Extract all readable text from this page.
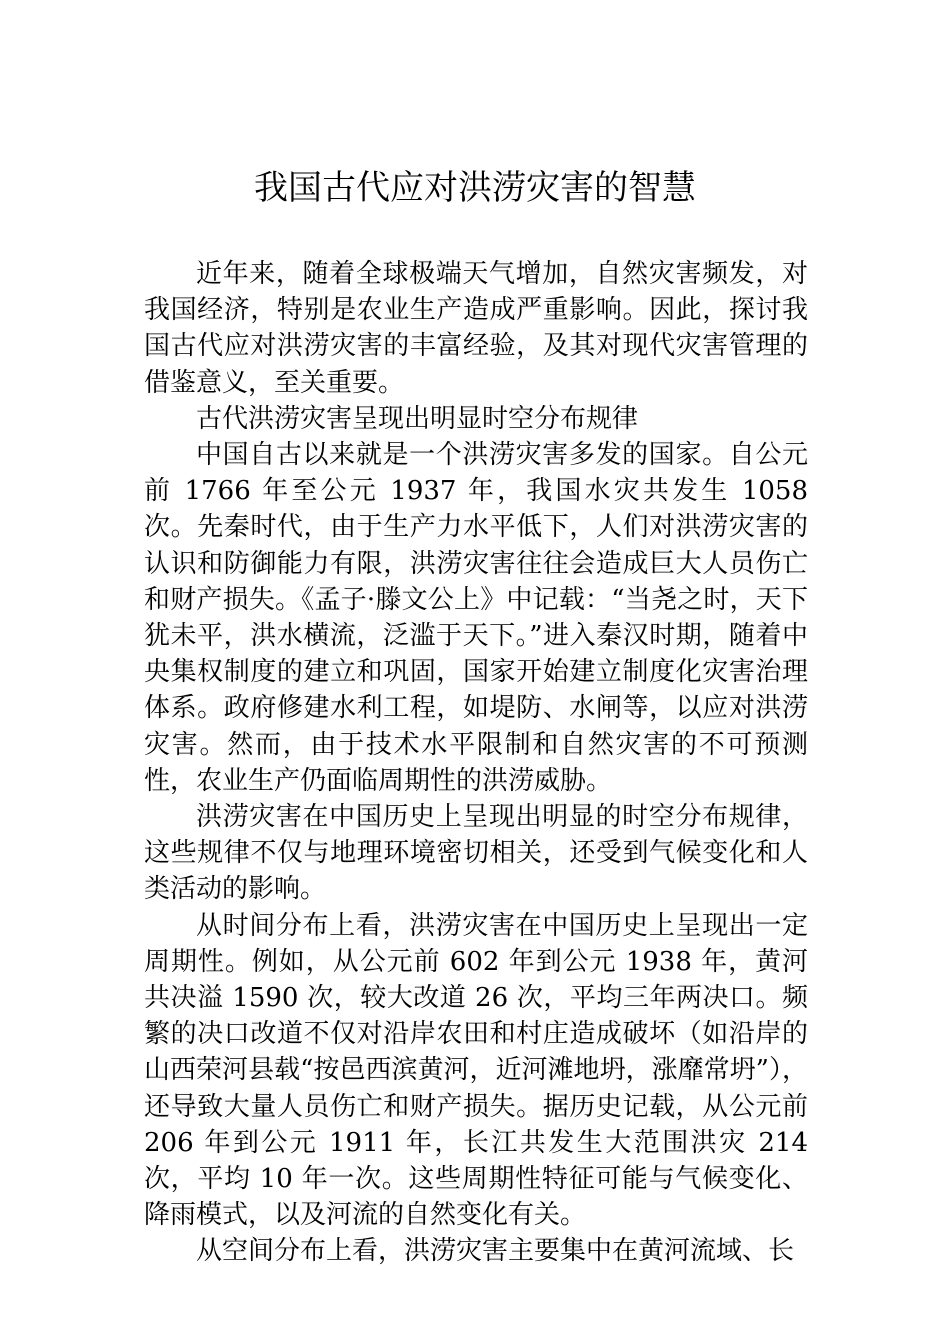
我国古代应对洪涝灾害的智慧

近年来，随着全球极端天气增加，自然灾害频发，对我国经济，特别是农业生产造成严重影响。因此，探讨我国古代应对洪涝灾害的丰富经验，及其对现代灾害管理的借鉴意义，至关重要。

古代洪涝灾害呈现出明显时空分布规律

中国自古以来就是一个洪涝灾害多发的国家。自公元前 1766 年至公元 1937 年，我国水灾共发生 1058 次。先秦时代，由于生产力水平低下，人们对洪涝灾害的认识和防御能力有限，洪涝灾害往往会造成巨大人员伤亡和财产损失。《孟子·滕文公上》中记载：“当尧之时，天下犹未平，洪水横流，泛滥于天下。”进入秦汉时期，随着中央集权制度的建立和巩固，国家开始建立制度化灾害治理体系。政府修建水利工程，如堤防、水闸等，以应对洪涝灾害。然而，由于技术水平限制和自然灾害的不可预测性，农业生产仍面临周期性的洪涝威胁。

洪涝灾害在中国历史上呈现出明显的时空分布规律，这些规律不仅与地理环境密切相关，还受到气候变化和人类活动的影响。

从时间分布上看，洪涝灾害在中国历史上呈现出一定周期性。例如，从公元前 602 年到公元 1938 年，黄河共决溢 1590 次，较大改道 26 次，平均三年两决口。频繁的决口改道不仅对沿岸农田和村庄造成破坏（如沿岸的山西荣河县载“按邑西滨黄河，近河滩地坍，涨靡常坍”），还导致大量人员伤亡和财产损失。据历史记载，从公元前 206 年到公元 1911 年，长江共发生大范围洪灾 214 次，平均 10 年一次。这些周期性特征可能与气候变化、降雨模式，以及河流的自然变化有关。

从空间分布上看，洪涝灾害主要集中在黄河流域、长
